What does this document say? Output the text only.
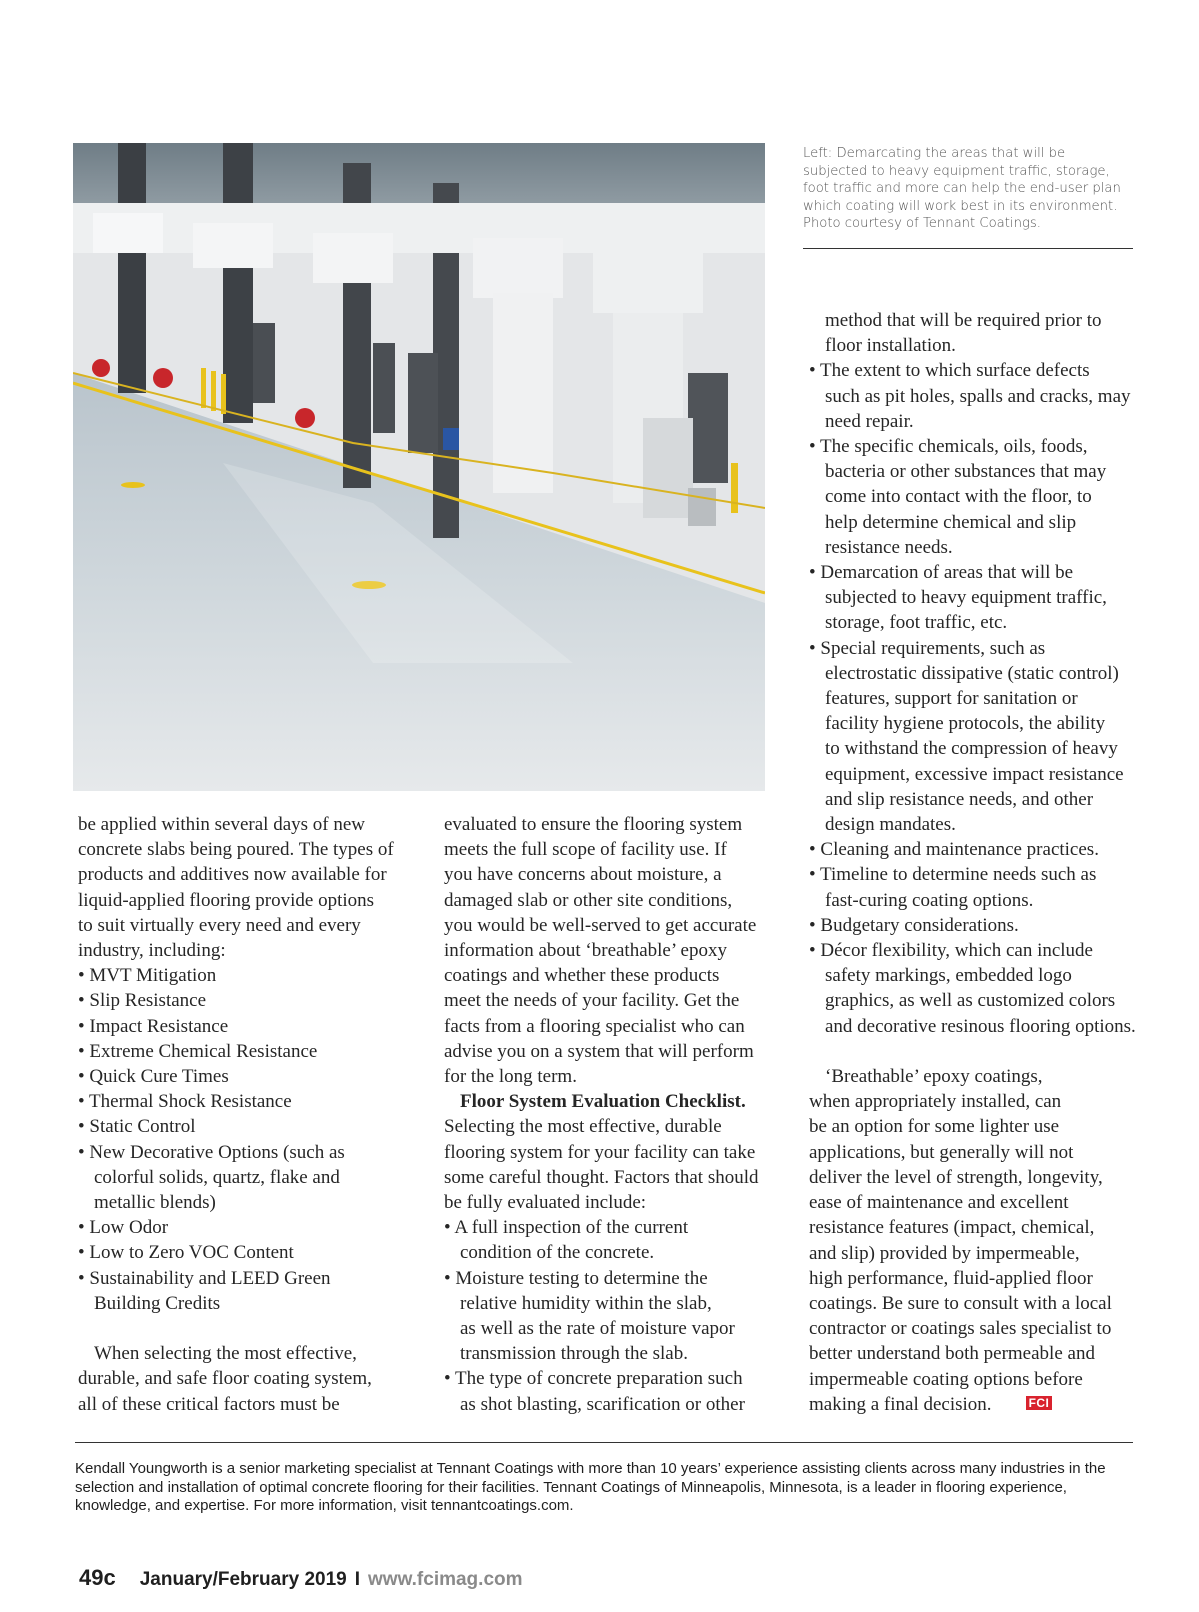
Left: Demarcating the areas that will be subjected to heavy equipment traffic, storage, foot traffic and more can help the end-user plan which coating will work best in its environment. Photo courtesy of Tennant Coatings.
be applied within several days of new
concrete slabs being poured. The types of
products and additives now available for
liquid-applied flooring provide options
to suit virtually every need and every
industry, including:
• MVT Mitigation
• Slip Resistance
• Impact Resistance
• Extreme Chemical Resistance
• Quick Cure Times
• Thermal Shock Resistance
• Static Control
• New Decorative Options (such as
colorful solids, quartz, flake and
metallic blends)
• Low Odor
• Low to Zero VOC Content
• Sustainability and LEED Green
Building Credits
When selecting the most effective,
durable, and safe floor coating system,
all of these critical factors must be
evaluated to ensure the flooring system
meets the full scope of facility use. If
you have concerns about moisture, a
damaged slab or other site conditions,
you would be well-served to get accurate
information about ‘breathable’ epoxy
coatings and whether these products
meet the needs of your facility. Get the
facts from a flooring specialist who can
advise you on a system that will perform
for the long term.
Floor System Evaluation Checklist.
Selecting the most effective, durable
flooring system for your facility can take
some careful thought. Factors that should
be fully evaluated include:
• A full inspection of the current
condition of the concrete.
• Moisture testing to determine the
relative humidity within the slab,
as well as the rate of moisture vapor
transmission through the slab.
• The type of concrete preparation such
as shot blasting, scarification or other
method that will be required prior to
floor installation.
• The extent to which surface defects
such as pit holes, spalls and cracks, may
need repair.
• The specific chemicals, oils, foods,
bacteria or other substances that may
come into contact with the floor, to
help determine chemical and slip
resistance needs.
• Demarcation of areas that will be
subjected to heavy equipment traffic,
storage, foot traffic, etc.
• Special requirements, such as
electrostatic dissipative (static control)
features, support for sanitation or
facility hygiene protocols, the ability
to withstand the compression of heavy
equipment, excessive impact resistance
and slip resistance needs, and other
design mandates.
• Cleaning and maintenance practices.
• Timeline to determine needs such as
fast-curing coating options.
• Budgetary considerations.
• Décor flexibility, which can include
safety markings, embedded logo
graphics, as well as customized colors
and decorative resinous flooring options.
‘Breathable’ epoxy coatings,
when appropriately installed, can
be an option for some lighter use
applications, but generally will not
deliver the level of strength, longevity,
ease of maintenance and excellent
resistance features (impact, chemical,
and slip) provided by impermeable,
high performance, fluid-applied floor
coatings. Be sure to consult with a local
contractor or coatings sales specialist to
better understand both permeable and
impermeable coating options before
making a final decision.	FCI
Kendall Youngworth is a senior marketing specialist at Tennant Coatings with more than 10 years’ experience assisting clients across many industries in the selection and installation of optimal concrete flooring for their facilities. Tennant Coatings of Minneapolis, Minnesota, is a leader in flooring experience, knowledge, and expertise. For more information, visit tennantcoatings.com.
49c January/February 2019 I www.fcimag.com
